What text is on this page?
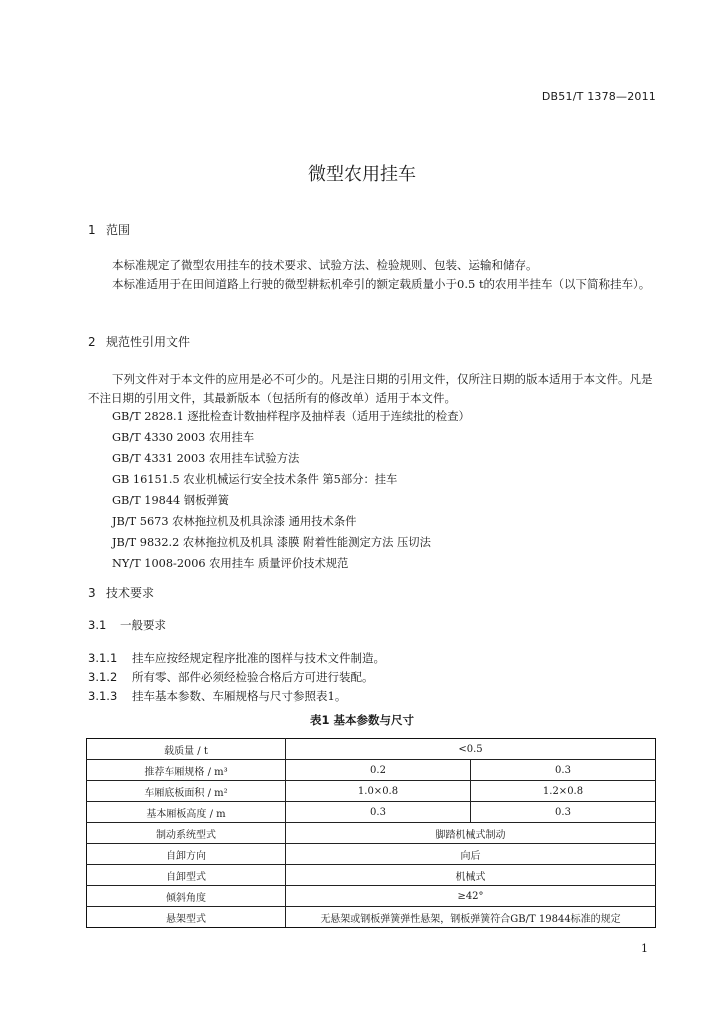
DB51/T 1378—2011
微型农用挂车
1 范围
本标准规定了微型农用挂车的技术要求、试验方法、检验规则、包装、运输和储存。
本标准适用于在田间道路上行驶的微型耕耘机牵引的额定载质量小于0.5 t的农用半挂车（以下简称挂车）。
2 规范性引用文件
下列文件对于本文件的应用是必不可少的。凡是注日期的引用文件，仅所注日期的版本适用于本文件。凡是不注日期的引用文件，其最新版本（包括所有的修改单）适用于本文件。
GB/T 2828.1 逐批检查计数抽样程序及抽样表（适用于连续批的检查）
GB/T 4330 2003 农用挂车
GB/T 4331 2003 农用挂车试验方法
GB 16151.5 农业机械运行安全技术条件 第5部分：挂车
GB/T 19844 钢板弹簧
JB/T 5673 农林拖拉机及机具涂漆 通用技术条件
JB/T 9832.2 农林拖拉机及机具 漆膜 附着性能测定方法 压切法
NY/T 1008-2006 农用挂车 质量评价技术规范
3 技术要求
3.1 一般要求
3.1.1 挂车应按经规定程序批准的图样与技术文件制造。
3.1.2 所有零、部件必须经检验合格后方可进行装配。
3.1.3 挂车基本参数、车厢规格与尺寸参照表1。
表1 基本参数与尺寸
载质量 / t	<0.5	
推荐车厢规格 / m³	0.2	0.3
车厢底板面积 / m²	1.0×0.8	1.2×0.8
基本厢板高度 / m	0.3	0.3
制动系统型式	脚踏机械式制动	
自卸方向	向后	
自卸型式	机械式	
倾斜角度	≥42°	
悬架型式	无悬架或钢板弹簧弹性悬架，钢板弹簧符合GB/T 19844标准的规定	
1
